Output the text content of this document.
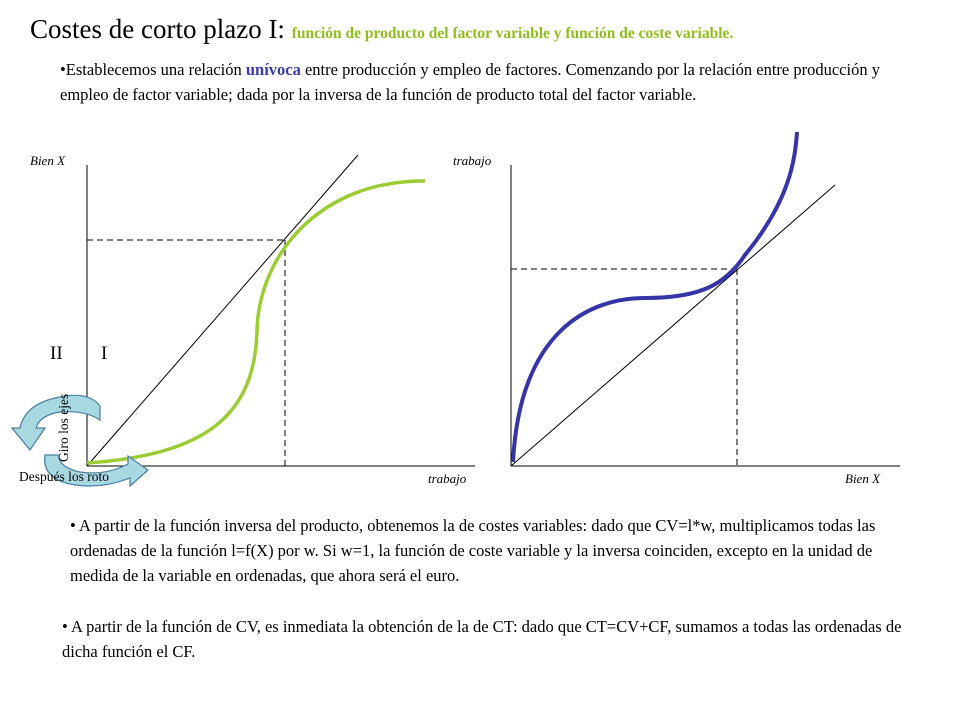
Costes de corto plazo I: función de producto del factor variable y función de coste variable.
•Establecemos una relación unívoca entre producción y empleo de factores. Comenzando por la relación entre producción y empleo de factor variable; dada por la inversa de la función de producto total del factor variable.
Bien X
trabajo
II I
Giro los ejes
Después los roto
trabajo
Bien X
• A partir de la función inversa del producto, obtenemos la de costes variables: dado que CV=l*w, multiplicamos todas las ordenadas de la función l=f(X) por w. Si w=1, la función de coste variable y la inversa coinciden, excepto en la unidad de medida de la variable en ordenadas, que ahora será el euro.
• A partir de la función de CV, es inmediata la obtención de la de CT: dado que CT=CV+CF, sumamos a todas las ordenadas de dicha función el CF.
